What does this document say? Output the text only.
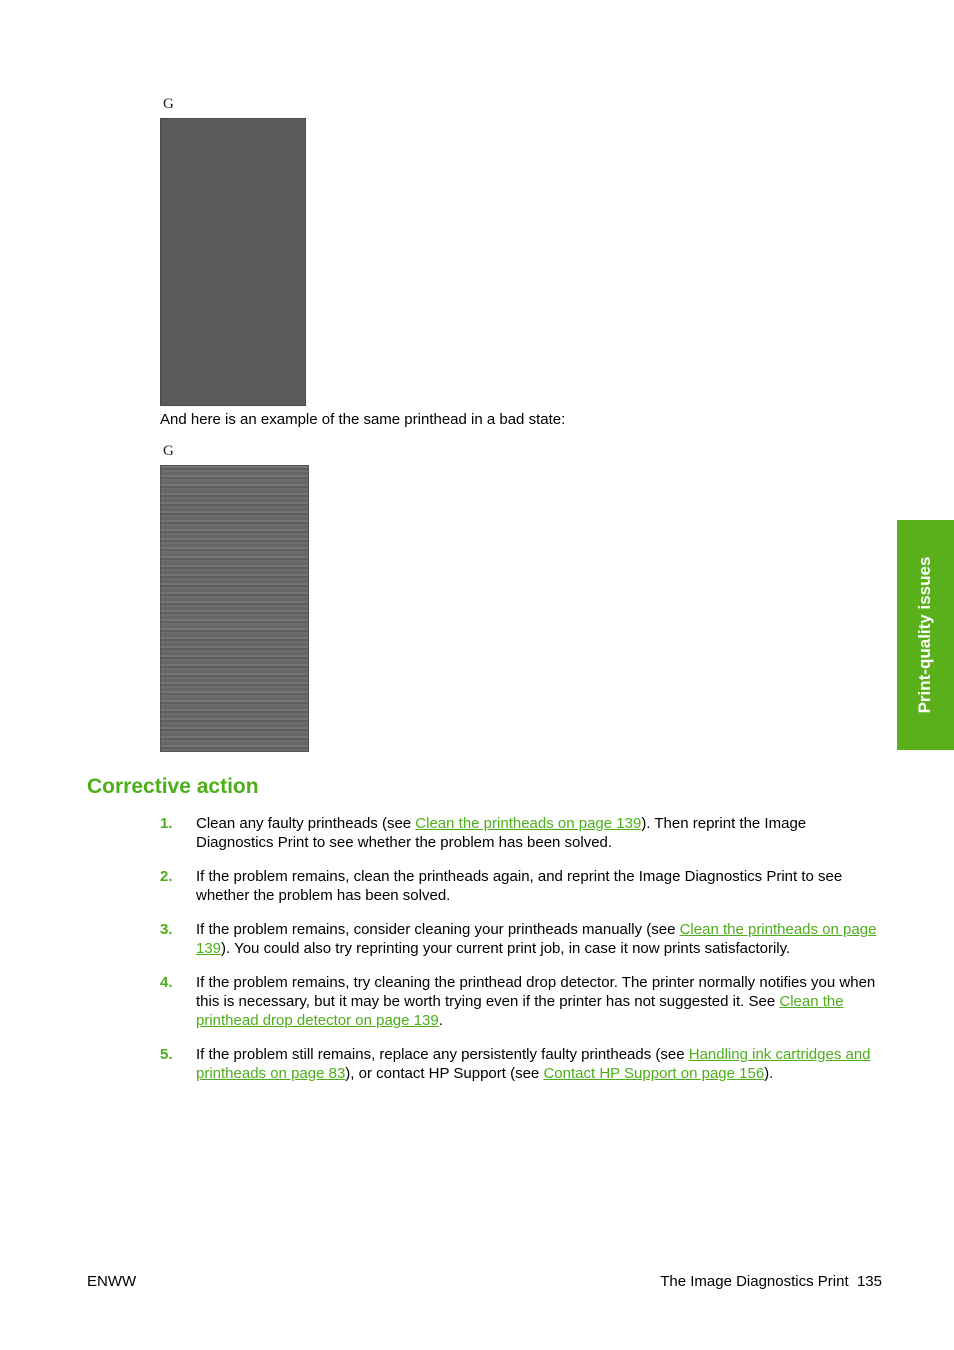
G
And here is an example of the same printhead in a bad state:
G
Corrective action
1. Clean any faulty printheads (see Clean the printheads on page 139). Then reprint the Image Diagnostics Print to see whether the problem has been solved.
2. If the problem remains, clean the printheads again, and reprint the Image Diagnostics Print to see whether the problem has been solved.
3. If the problem remains, consider cleaning your printheads manually (see Clean the printheads on page 139). You could also try reprinting your current print job, in case it now prints satisfactorily.
4. If the problem remains, try cleaning the printhead drop detector. The printer normally notifies you when this is necessary, but it may be worth trying even if the printer has not suggested it. See Clean the printhead drop detector on page 139.
5. If the problem still remains, replace any persistently faulty printheads (see Handling ink cartridges and printheads on page 83), or contact HP Support (see Contact HP Support on page 156).
Print-quality issues
ENWW	The Image Diagnostics Print 135
